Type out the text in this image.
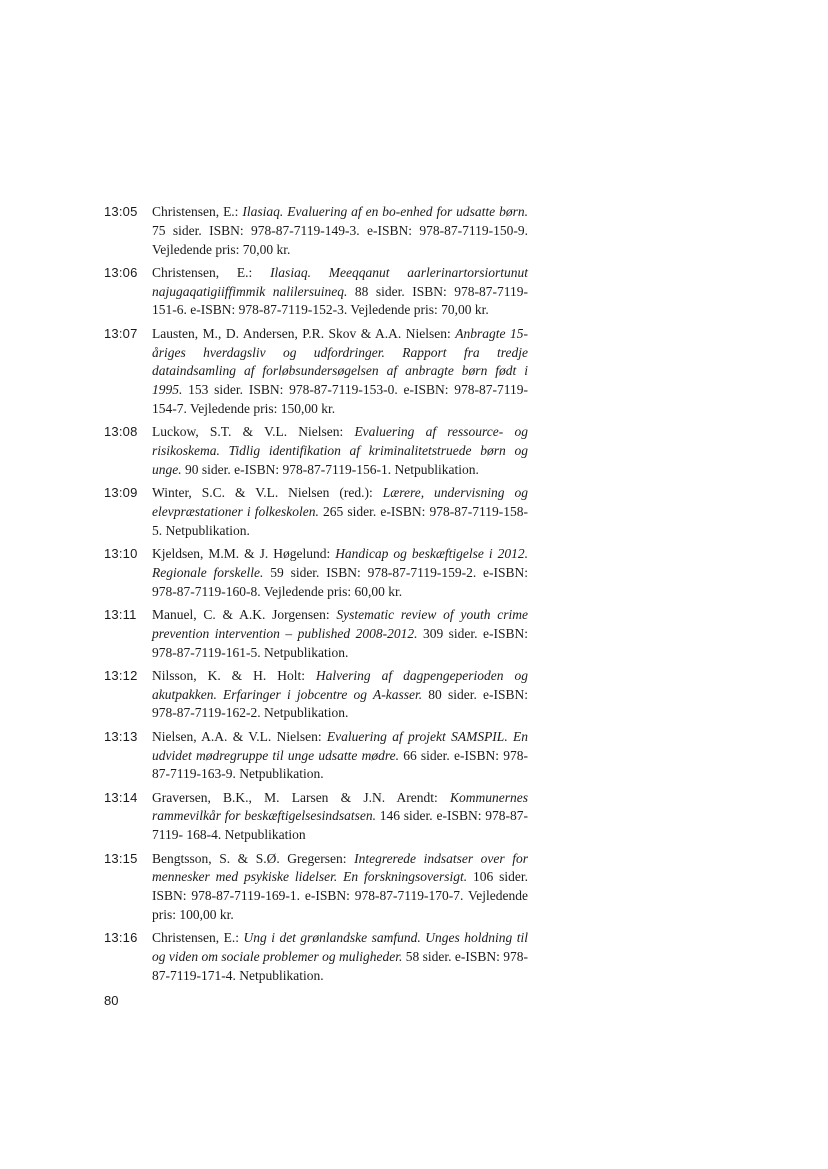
13:05	Christensen, E.: Ilasiaq. Evaluering af en bo-enhed for udsatte børn. 75 sider. ISBN: 978-87-7119-149-3. e-ISBN: 978-87-7119-150-9. Vejledende pris: 70,00 kr.
13:06	Christensen, E.: Ilasiaq. Meeqqanut aarlerinartorsiortunut najugaqatigiiffimmik nalilersuineq. 88 sider. ISBN: 978-87-7119-151-6. e-ISBN: 978-87-7119-152-3. Vejledende pris: 70,00 kr.
13:07	Lausten, M., D. Andersen, P.R. Skov & A.A. Nielsen: Anbragte 15-åriges hverdagsliv og udfordringer. Rapport fra tredje dataindsamling af forløbsundersøgelsen af anbragte børn født i 1995. 153 sider. ISBN: 978-87-7119-153-0. e-ISBN: 978-87-7119-154-7. Vejledende pris: 150,00 kr.
13:08	Luckow, S.T. & V.L. Nielsen: Evaluering af ressource- og risikoskema. Tidlig identifikation af kriminalitetstruede børn og unge. 90 sider. e-ISBN: 978-87-7119-156-1. Netpublikation.
13:09	Winter, S.C. & V.L. Nielsen (red.): Lærere, undervisning og elevpræstationer i folkeskolen. 265 sider. e-ISBN: 978-87-7119-158-5. Netpublikation.
13:10	Kjeldsen, M.M. & J. Høgelund: Handicap og beskæftigelse i 2012. Regionale forskelle. 59 sider. ISBN: 978-87-7119-159-2. e-ISBN: 978-87-7119-160-8. Vejledende pris: 60,00 kr.
13:11	Manuel, C. & A.K. Jorgensen: Systematic review of youth crime prevention intervention – published 2008-2012. 309 sider. e-ISBN: 978-87-7119-161-5. Netpublikation.
13:12	Nilsson, K. & H. Holt: Halvering af dagpengeperioden og akutpakken. Erfaringer i jobcentre og A-kasser. 80 sider. e-ISBN: 978-87-7119-162-2. Netpublikation.
13:13	Nielsen, A.A. & V.L. Nielsen: Evaluering af projekt SAMSPIL. En udvidet mødregruppe til unge udsatte mødre. 66 sider. e-ISBN: 978-87-7119-163-9. Netpublikation.
13:14	Graversen, B.K., M. Larsen & J.N. Arendt: Kommunernes rammevilkår for beskæftigelsesindsatsen. 146 sider. e-ISBN: 978-87-7119- 168-4. Netpublikation
13:15	Bengtsson, S. & S.Ø. Gregersen: Integrerede indsatser over for mennesker med psykiske lidelser. En forskningsoversigt. 106 sider. ISBN: 978-87-7119-169-1. e-ISBN: 978-87-7119-170-7. Vejledende pris: 100,00 kr.
13:16	Christensen, E.: Ung i det grønlandske samfund. Unges holdning til og viden om sociale problemer og muligheder. 58 sider. e-ISBN: 978-87-7119-171-4. Netpublikation.
80
